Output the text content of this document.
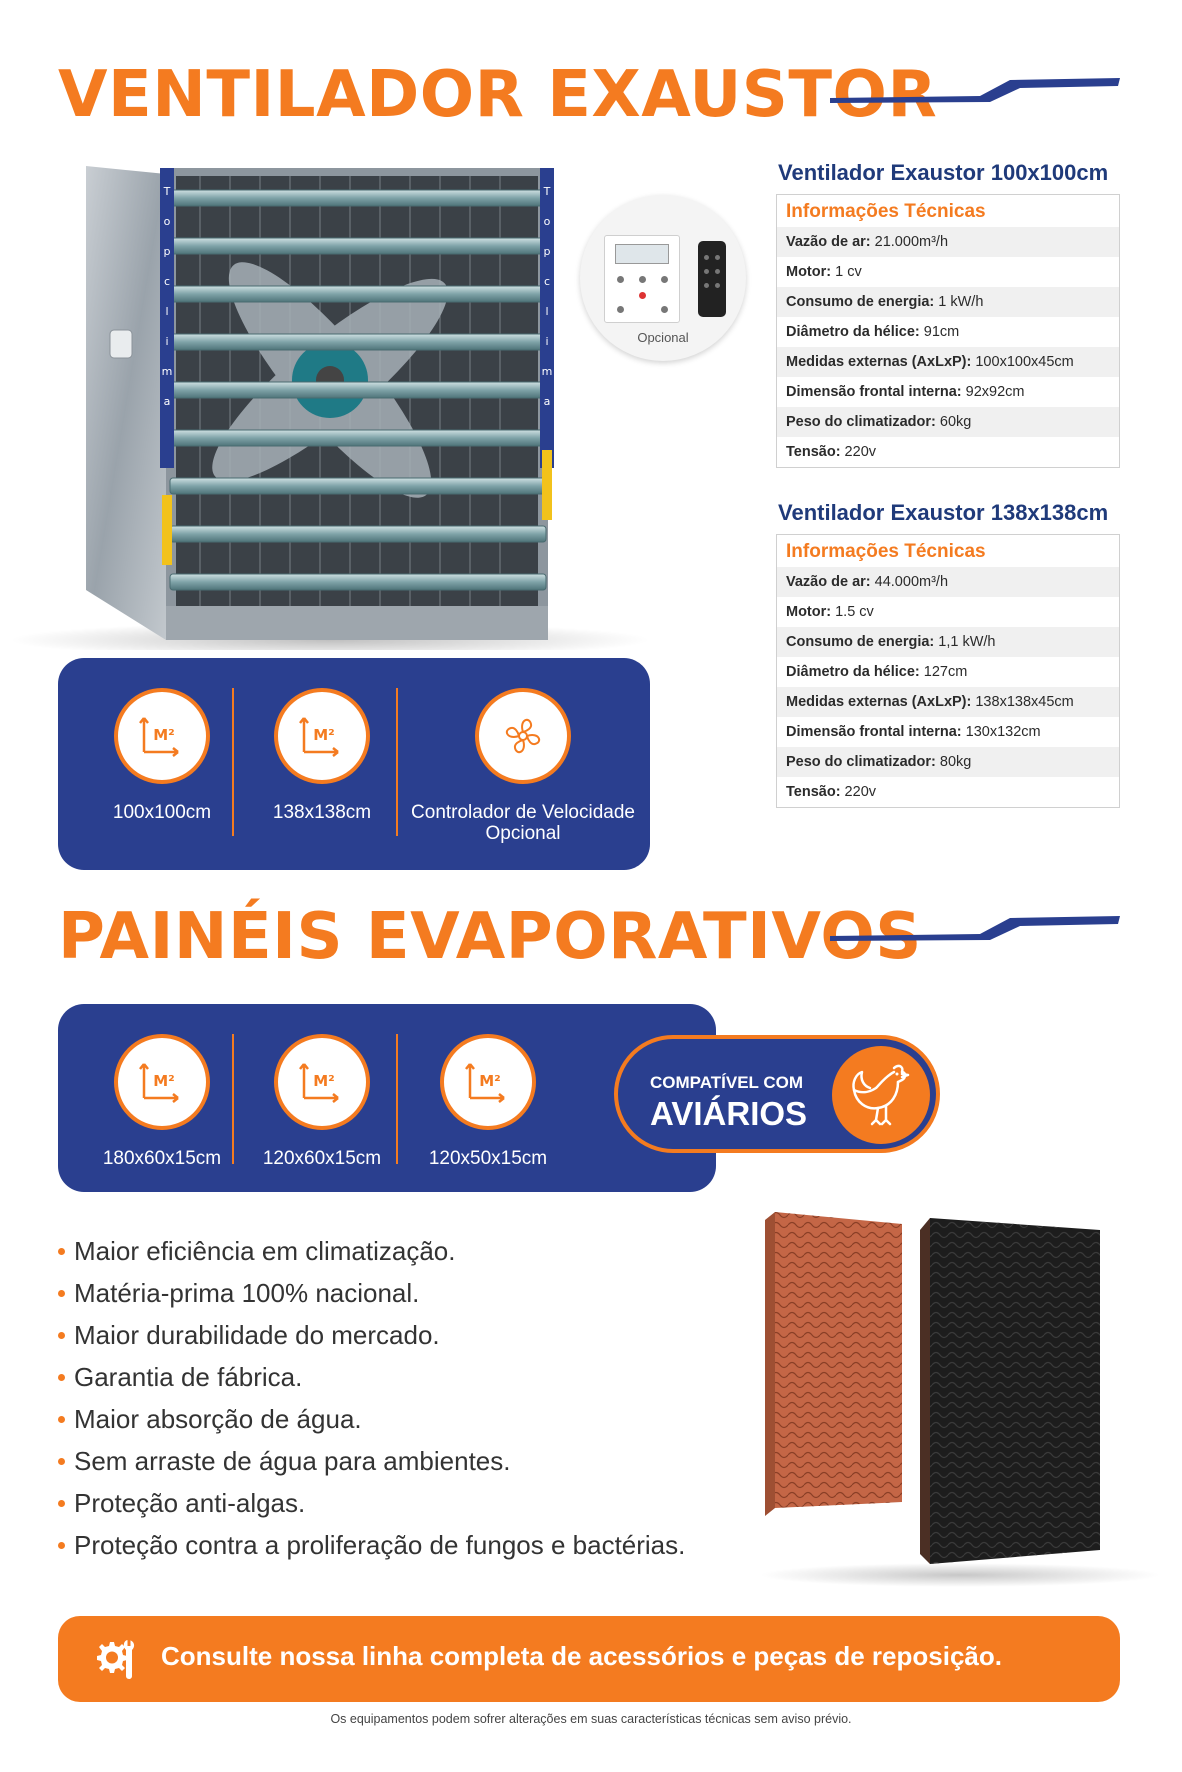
VENTILADOR EXAUSTOR
T
o
p
c
l
i
m
a
T
o
p
c
l
i
m
a
Opcional
Ventilador Exaustor 100x100cm
Informações Técnicas
Vazão de ar: 21.000m³/h
Motor: 1 cv
Consumo de energia: 1 kW/h
Diâmetro da hélice: 91cm
Medidas externas (AxLxP): 100x100x45cm
Dimensão frontal interna: 92x92cm
Peso do climatizador: 60kg
Tensão: 220v
Ventilador Exaustor 138x138cm
Informações Técnicas
Vazão de ar: 44.000m³/h
Motor: 1.5 cv
Consumo de energia: 1,1 kW/h
Diâmetro da hélice: 127cm
Medidas externas (AxLxP): 138x138x45cm
Dimensão frontal interna: 130x132cm
Peso do climatizador: 80kg
Tensão: 220v
M²
100x100cm
M²
138x138cm	Controlador de Velocidade Opcional
PAINÉIS EVAPORATIVOS
M²
180x60x15cm
M²
120x60x15cm
M²
120x50x15cm
COMPATÍVEL COM
AVIÁRIOS
Maior eficiência em climatização.
Matéria-prima 100% nacional.
Maior durabilidade do mercado.
Garantia de fábrica.
Maior absorção de água.
Sem arraste de água para ambientes.
Proteção anti-algas.
Proteção contra a proliferação de fungos e bactérias.
Consulte nossa linha completa de acessórios e peças de reposição.
Os equipamentos podem sofrer alterações em suas características técnicas sem aviso prévio.
